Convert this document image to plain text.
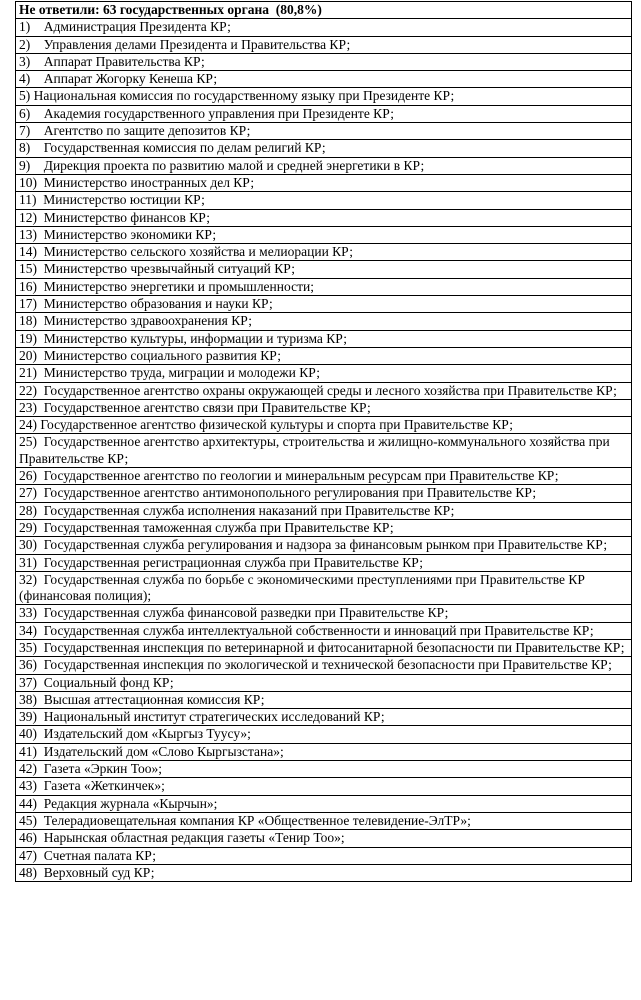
Не ответили: 63 государственных органа  (80,8%)
1)    Администрация Президента КР;
2)    Управления делами Президента и Правительства КР;
3)    Аппарат Правительства КР;
4)    Аппарат Жогорку Кенеша КР;
5) Национальная комиссия по государственному языку при Президенте КР;
6)    Академия государственного управления при Президенте КР;
7)    Агентство по защите депозитов КР;
8)    Государственная комиссия по делам религий КР;
9)    Дирекция проекта по развитию малой и средней энергетики в КР;
10)  Министерство иностранных дел КР;
11)  Министерство юстиции КР;
12)  Министерство финансов КР;
13)  Министерство экономики КР;
14)  Министерство сельского хозяйства и мелиорации КР;
15)  Министерство чрезвычайный ситуаций КР;
16)  Министерство энергетики и промышленности;
17)  Министерство образования и науки КР;
18)  Министерство здравоохранения КР;
19)  Министерство культуры, информации и туризма КР;
20)  Министерство социального развития КР;
21)  Министерство труда, миграции и молодежи КР;
22)  Государственное агентство охраны окружающей среды и лесного хозяйства при Правительстве КР;
23)  Государственное агентство связи при Правительстве КР;
24) Государственное агентство физической культуры и спорта при Правительстве КР;
25)  Государственное агентство архитектуры, строительства и жилищно-коммунального хозяйства при Правительстве КР;
26)  Государственное агентство по геологии и минеральным ресурсам при Правительстве КР;
27)  Государственное агентство антимонопольного регулирования при Правительстве КР;
28)  Государственная служба исполнения наказаний при Правительстве КР;
29)  Государственная таможенная служба при Правительстве КР;
30)  Государственная служба регулирования и надзора за финансовым рынком при Правительстве КР;
31)  Государственная регистрационная служба при Правительстве КР;
32)  Государственная служба по борьбе с экономическими преступлениями при Правительстве КР (финансовая полиция);
33)  Государственная служба финансовой разведки при Правительстве КР;
34)  Государственная служба интеллектуальной собственности и инноваций при Правительстве КР;
35)  Государственная инспекция по ветеринарной и фитосанитарной безопасности пи Правительстве КР;
36)  Государственная инспекция по экологической и технической безопасности при Правительстве КР;
37)  Социальный фонд КР;
38)  Высшая аттестационная комиссия КР;
39)  Национальный институт стратегических исследований КР;
40)  Издательский дом «Кыргыз Туусу»;
41)  Издательский дом «Слово Кыргызстана»;
42)  Газета «Эркин Тоо»;
43)  Газета «Жеткинчек»;
44)  Редакция журнала «Кырчын»;
45)  Телерадиовещательная компания КР «Общественное телевидение-ЭлТР»;
46)  Нарынская областная редакция газеты «Тенир Тоо»;
47)  Счетная палата КР;
48)  Верховный суд КР;
